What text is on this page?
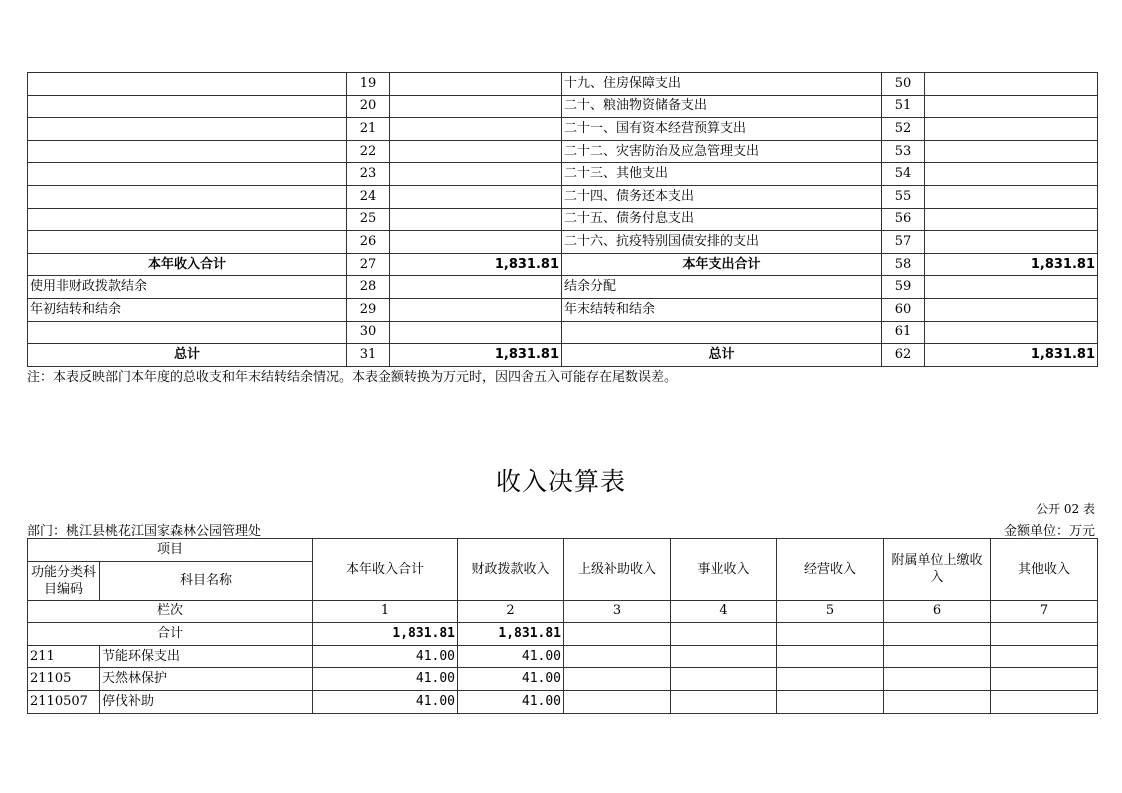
	19		十九、住房保障支出	50	
	20		二十、粮油物资储备支出	51	
	21		二十一、国有资本经营预算支出	52	
	22		二十二、灾害防治及应急管理支出	53	
	23		二十三、其他支出	54	
	24		二十四、债务还本支出	55	
	25		二十五、债务付息支出	56	
	26		二十六、抗疫特别国债安排的支出	57	
本年收入合计	27	1,831.81	本年支出合计	58	1,831.81
使用非财政拨款结余	28		结余分配	59	
年初结转和结余	29		年末结转和结余	60	
	30			61	
总计	31	1,831.81	总计	62	1,831.81
注：本表反映部门本年度的总收支和年末结转结余情况。本表金额转换为万元时，因四舍五入可能存在尾数误差。
收入决算表
公开 02 表
部门：桃江县桃花江国家森林公园管理处	金额单位：万元
项目		本年收入合计	财政拨款收入	上级补助收入	事业收入	经营收入	附属单位上缴收入	其他收入
功能分类科目编码	科目名称							
栏次		1	2	3	4	5	6	7
合计		1,831.81	1,831.81					
211	节能环保支出	41.00	41.00					
21105	天然林保护	41.00	41.00					
2110507	停伐补助	41.00	41.00					
